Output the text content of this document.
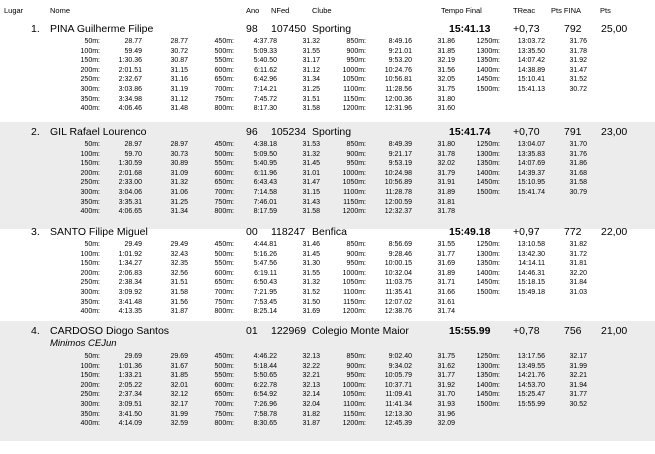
Lugar	Nome	Ano NFed	Clube	Tempo Final	TReac Pts FINA	Pts
1. PINA Guilherme Filipe	98 107450 Sporting	15:41.13 +0,73 792 25,00
50m:	28.77	28.77
100m:	59.49	30.72
150m:	1:30.36	30.87
200m:	2:01.51	31.15
250m:	2:32.67	31.16
300m:	3:03.86	31.19
350m:	3:34.98	31.12
400m:	4:06.46	31.48
450m:	4:37.78	31.32
500m:	5:09.33	31.55
550m:	5:40.50	31.17
600m:	6:11.62	31.12
650m:	6:42.96	31.34
700m:	7:14.21	31.25
750m:	7:45.72	31.51
800m:	8:17.30	31.58
850m:	8:49.16	31.86
900m:	9:21.01	31.85
950m:	9:53.20	32.19
1000m:	10:24.76	31.56
1050m:	10:56.81	32.05
1100m:	11:28.56	31.75
1150m:	12:00.36	31.80
1200m:	12:31.96	31.60
1250m:	13:03.72	31.76
1300m:	13:35.50	31.78
1350m:	14:07.42	31.92
1400m:	14:38.89	31.47
1450m:	15:10.41	31.52
1500m:	15:41.13	30.72
2. GIL Rafael Lourenco	96 105234 Sporting	15:41.74 +0,70 791 23,00
50m:	28.97	28.97
100m:	59.70	30.73
150m:	1:30.59	30.89
200m:	2:01.68	31.09
250m:	2:33.00	31.32
300m:	3:04.06	31.06
350m:	3:35.31	31.25
400m:	4:06.65	31.34
450m:	4:38.18	31.53
500m:	5:09.50	31.32
550m:	5:40.95	31.45
600m:	6:11.96	31.01
650m:	6:43.43	31.47
700m:	7:14.58	31.15
750m:	7:46.01	31.43
800m:	8:17.59	31.58
850m:	8:49.39	31.80
900m:	9:21.17	31.78
950m:	9:53.19	32.02
1000m:	10:24.98	31.79
1050m:	10:56.89	31.91
1100m:	11:28.78	31.89
1150m:	12:00.59	31.81
1200m:	12:32.37	31.78
1250m:	13:04.07	31.70
1300m:	13:35.83	31.76
1350m:	14:07.69	31.86
1400m:	14:39.37	31.68
1450m:	15:10.95	31.58
1500m:	15:41.74	30.79
3. SANTO Filipe Miguel	00 118247 Benfica	15:49.18 +0,97 772 22,00
50m:	29.49	29.49
100m:	1:01.92	32.43
150m:	1:34.27	32.35
200m:	2:06.83	32.56
250m:	2:38.34	31.51
300m:	3:09.92	31.58
350m:	3:41.48	31.56
400m:	4:13.35	31.87
450m:	4:44.81	31.46
500m:	5:16.26	31.45
550m:	5:47.56	31.30
600m:	6:19.11	31.55
650m:	6:50.43	31.32
700m:	7:21.95	31.52
750m:	7:53.45	31.50
800m:	8:25.14	31.69
850m:	8:56.69	31.55
900m:	9:28.46	31.77
950m:	10:00.15	31.69
1000m:	10:32.04	31.89
1050m:	11:03.75	31.71
1100m:	11:35.41	31.66
1150m:	12:07.02	31.61
1200m:	12:38.76	31.74
1250m:	13:10.58	31.82
1300m:	13:42.30	31.72
1350m:	14:14.11	31.81
1400m:	14:46.31	32.20
1450m:	15:18.15	31.84
1500m:	15:49.18	31.03
4. CARDOSO Diogo Santos	01 122969 Colegio Monte Maior	15:55.99 +0,78 756 21,00
Minimos CEJun
50m:	29.69	29.69
100m:	1:01.36	31.67
150m:	1:33.21	31.85
200m:	2:05.22	32.01
250m:	2:37.34	32.12
300m:	3:09.51	32.17
350m:	3:41.50	31.99
400m:	4:14.09	32.59
450m:	4:46.22	32.13
500m:	5:18.44	32.22
550m:	5:50.65	32.21
600m:	6:22.78	32.13
650m:	6:54.92	32.14
700m:	7:26.96	32.04
750m:	7:58.78	31.82
800m:	8:30.65	31.87
850m:	9:02.40	31.75
900m:	9:34.02	31.62
950m:	10:05.79	31.77
1000m:	10:37.71	31.92
1050m:	11:09.41	31.70
1100m:	11:41.34	31.93
1150m:	12:13.30	31.96
1200m:	12:45.39	32.09
1250m:	13:17.56	32.17
1300m:	13:49.55	31.99
1350m:	14:21.76	32.21
1400m:	14:53.70	31.94
1450m:	15:25.47	31.77
1500m:	15:55.99	30.52
